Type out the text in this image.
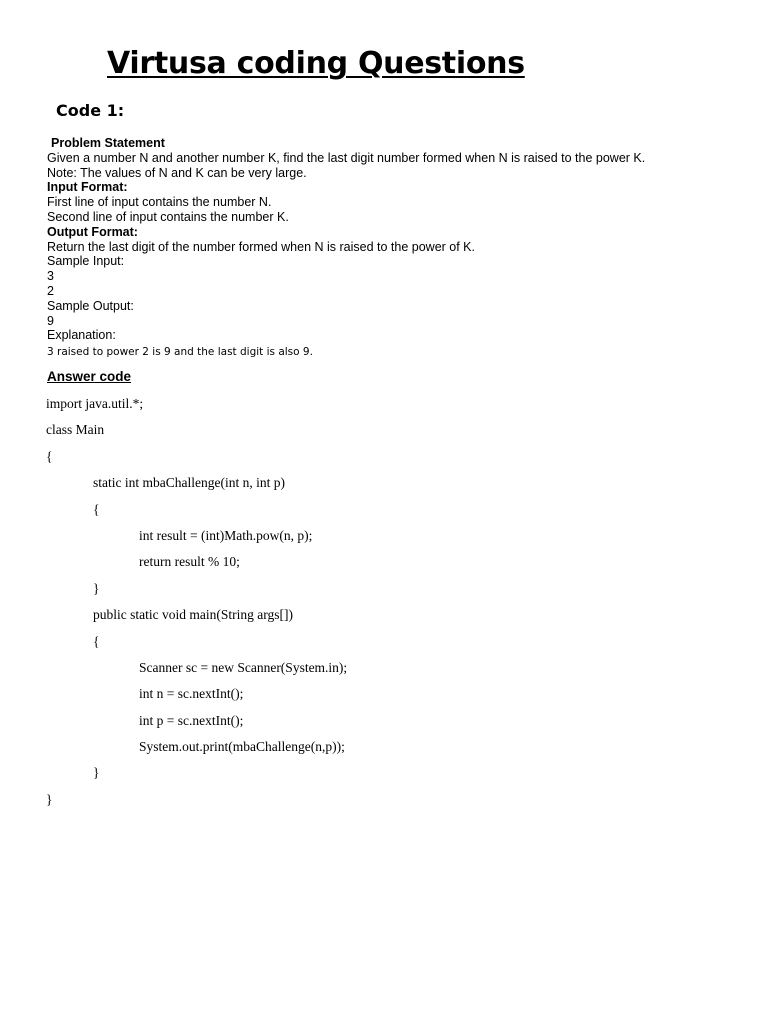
Virtusa coding Questions
Code 1:
Problem Statement
Given a number N and another number K, find the last digit number formed when N is raised to the power K.
Note: The values of N and K can be very large.
Input Format:
First line of input contains the number N.
Second line of input contains the number K.
Output Format:
Return the last digit of the number formed when N is raised to the power of K.
Sample Input:
3
2
Sample Output:
9
Explanation:
3 raised to power 2 is 9 and the last digit is also 9.
Answer code
import java.util.*;
class Main
{
static int mbaChallenge(int n, int p)
{
int result = (int)Math.pow(n, p);
return result % 10;
}
public static void main(String args[])
{
Scanner sc = new Scanner(System.in);
int n = sc.nextInt();
int p = sc.nextInt();
System.out.print(mbaChallenge(n,p));
}
}
